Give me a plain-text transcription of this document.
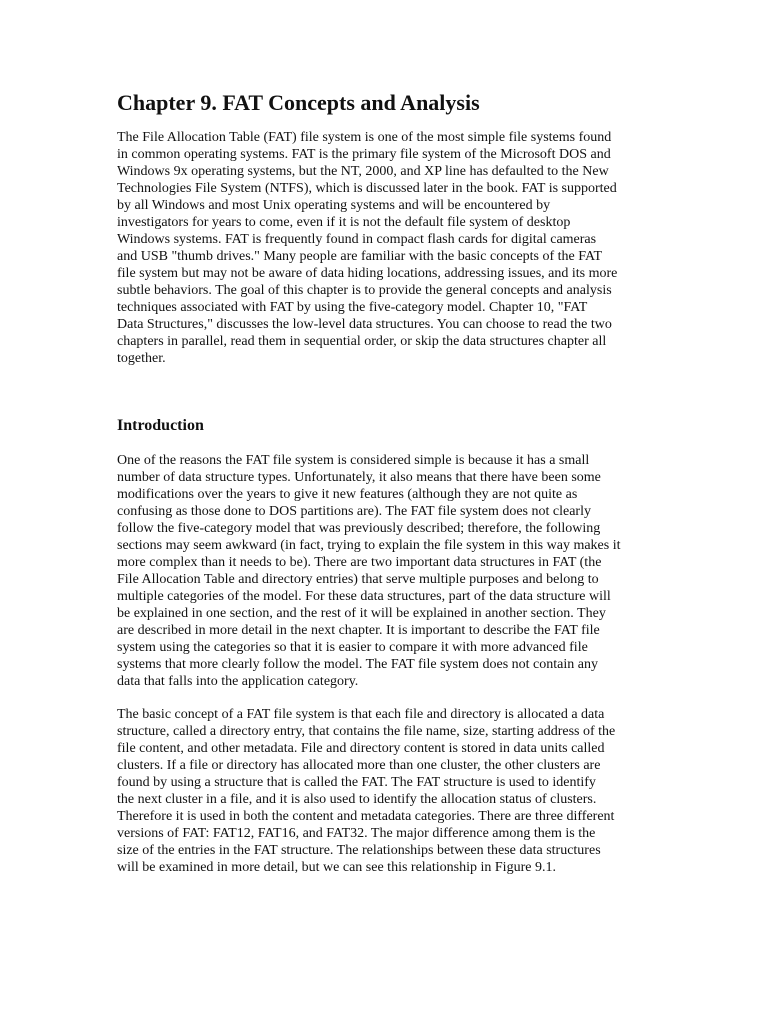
Chapter 9. FAT Concepts and Analysis
The File Allocation Table (FAT) file system is one of the most simple file systems found
in common operating systems. FAT is the primary file system of the Microsoft DOS and
Windows 9x operating systems, but the NT, 2000, and XP line has defaulted to the New
Technologies File System (NTFS), which is discussed later in the book. FAT is supported
by all Windows and most Unix operating systems and will be encountered by
investigators for years to come, even if it is not the default file system of desktop
Windows systems. FAT is frequently found in compact flash cards for digital cameras
and USB "thumb drives." Many people are familiar with the basic concepts of the FAT
file system but may not be aware of data hiding locations, addressing issues, and its more
subtle behaviors. The goal of this chapter is to provide the general concepts and analysis
techniques associated with FAT by using the five-category model. Chapter 10, "FAT
Data Structures," discusses the low-level data structures. You can choose to read the two
chapters in parallel, read them in sequential order, or skip the data structures chapter all
together.
Introduction
One of the reasons the FAT file system is considered simple is because it has a small
number of data structure types. Unfortunately, it also means that there have been some
modifications over the years to give it new features (although they are not quite as
confusing as those done to DOS partitions are). The FAT file system does not clearly
follow the five-category model that was previously described; therefore, the following
sections may seem awkward (in fact, trying to explain the file system in this way makes it
more complex than it needs to be). There are two important data structures in FAT (the
File Allocation Table and directory entries) that serve multiple purposes and belong to
multiple categories of the model. For these data structures, part of the data structure will
be explained in one section, and the rest of it will be explained in another section. They
are described in more detail in the next chapter. It is important to describe the FAT file
system using the categories so that it is easier to compare it with more advanced file
systems that more clearly follow the model. The FAT file system does not contain any
data that falls into the application category.
The basic concept of a FAT file system is that each file and directory is allocated a data
structure, called a directory entry, that contains the file name, size, starting address of the
file content, and other metadata. File and directory content is stored in data units called
clusters. If a file or directory has allocated more than one cluster, the other clusters are
found by using a structure that is called the FAT. The FAT structure is used to identify
the next cluster in a file, and it is also used to identify the allocation status of clusters.
Therefore it is used in both the content and metadata categories. There are three different
versions of FAT: FAT12, FAT16, and FAT32. The major difference among them is the
size of the entries in the FAT structure. The relationships between these data structures
will be examined in more detail, but we can see this relationship in Figure 9.1.
